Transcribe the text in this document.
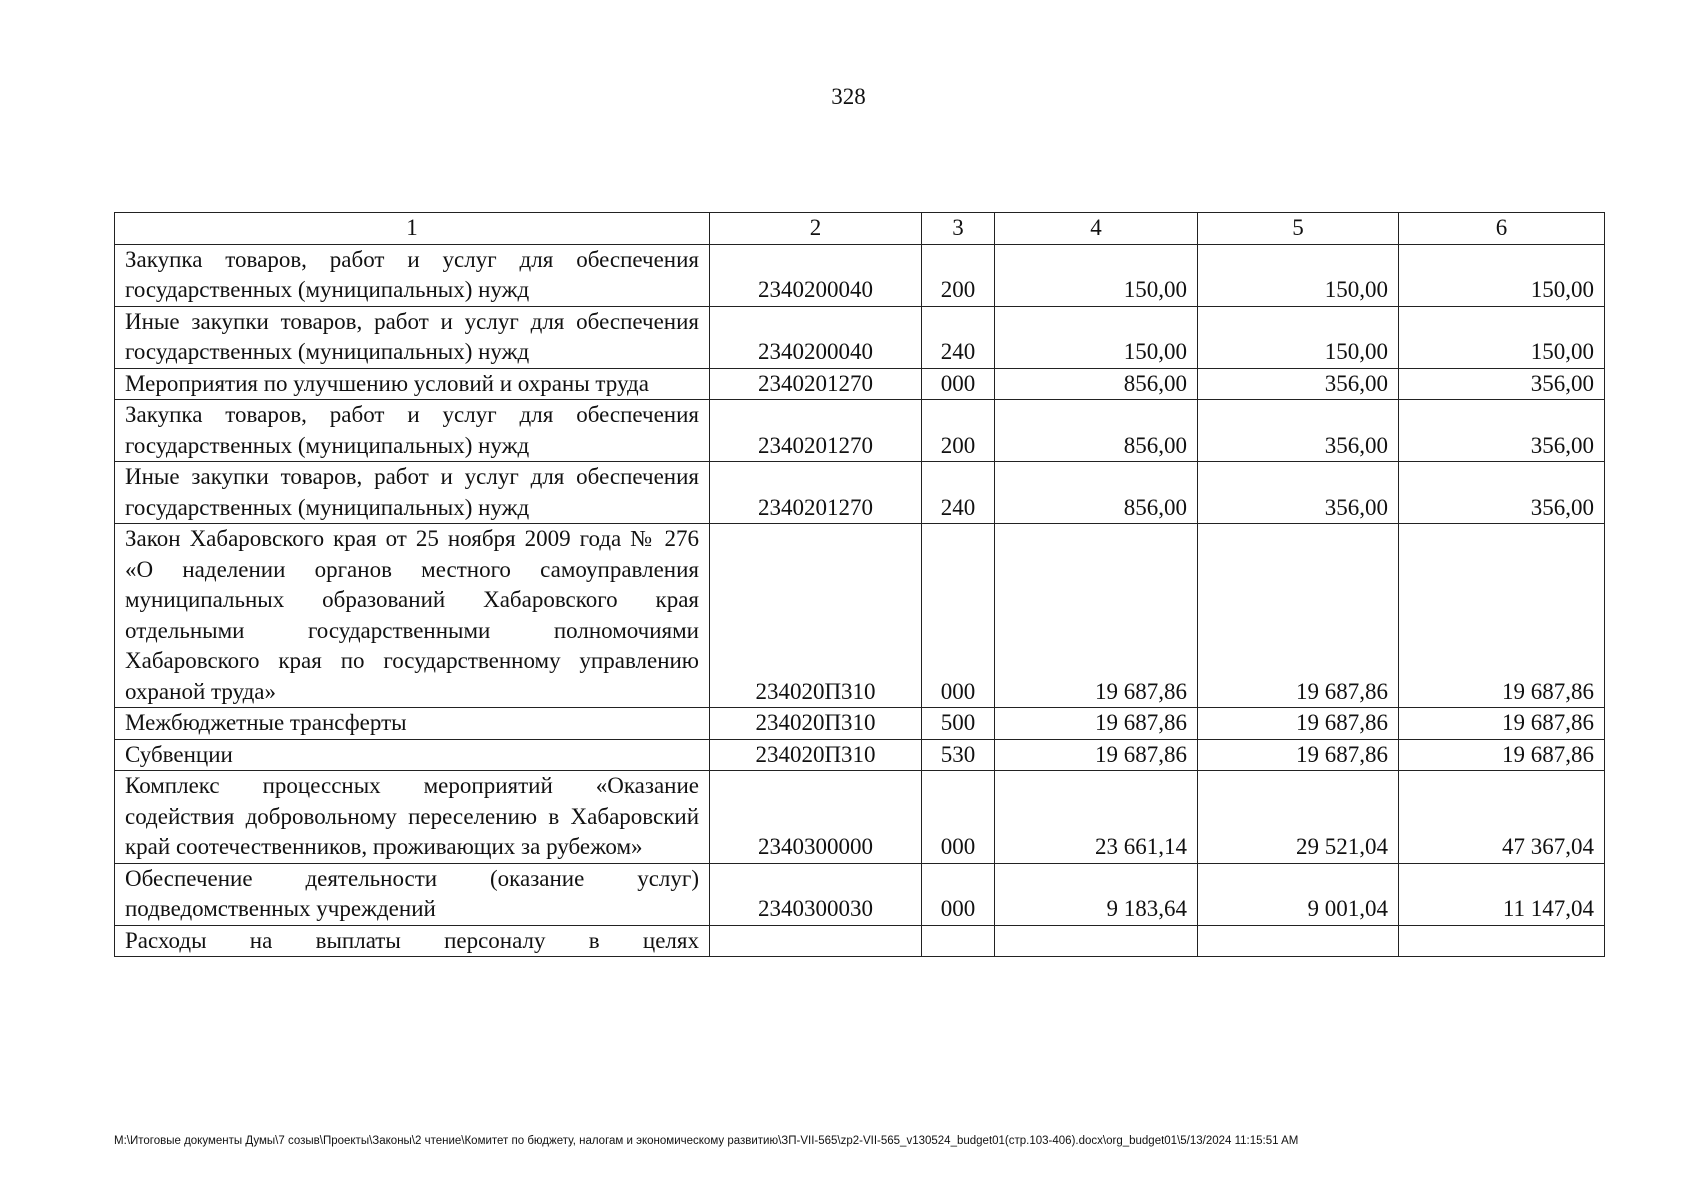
328
1	2	3	4	5	6
Закупка товаров, работ и услуг для обеспечения государственных (муниципальных) нужд	2340200040	200	150,00	150,00	150,00
Иные закупки товаров, работ и услуг для обеспечения государственных (муниципальных) нужд	2340200040	240	150,00	150,00	150,00
Мероприятия по улучшению условий и охраны труда	2340201270	000	856,00	356,00	356,00
Закупка товаров, работ и услуг для обеспечения государственных (муниципальных) нужд	2340201270	200	856,00	356,00	356,00
Иные закупки товаров, работ и услуг для обеспечения государственных (муниципальных) нужд	2340201270	240	856,00	356,00	356,00
Закон Хабаровского края от 25 ноября 2009 года № 276 «О наделении органов местного самоуправления муниципальных образований Хабаровского края отдельными государственными полномочиями Хабаровского края по государственному управлению охраной труда»	234020П310	000	19 687,86	19 687,86	19 687,86
Межбюджетные трансферты	234020П310	500	19 687,86	19 687,86	19 687,86
Субвенции	234020П310	530	19 687,86	19 687,86	19 687,86
Комплекс процессных мероприятий «Оказание содействия добровольному переселению в Хабаровский край соотечественников, проживающих за рубежом»	2340300000	000	23 661,14	29 521,04	47 367,04
Обеспечение деятельности (оказание услуг) подведомственных учреждений	2340300030	000	9 183,64	9 001,04	11 147,04
Расходы на выплаты персоналу в целях					
М:\Итоговые документы Думы\7 созыв\Проекты\Законы\2 чтение\Комитет по бюджету, налогам и экономическому развитию\ЗП-VII-565\zp2-VII-565_v130524_budget01(стр.103-406).docx\org_budget01\5/13/2024 11:15:51 AM
